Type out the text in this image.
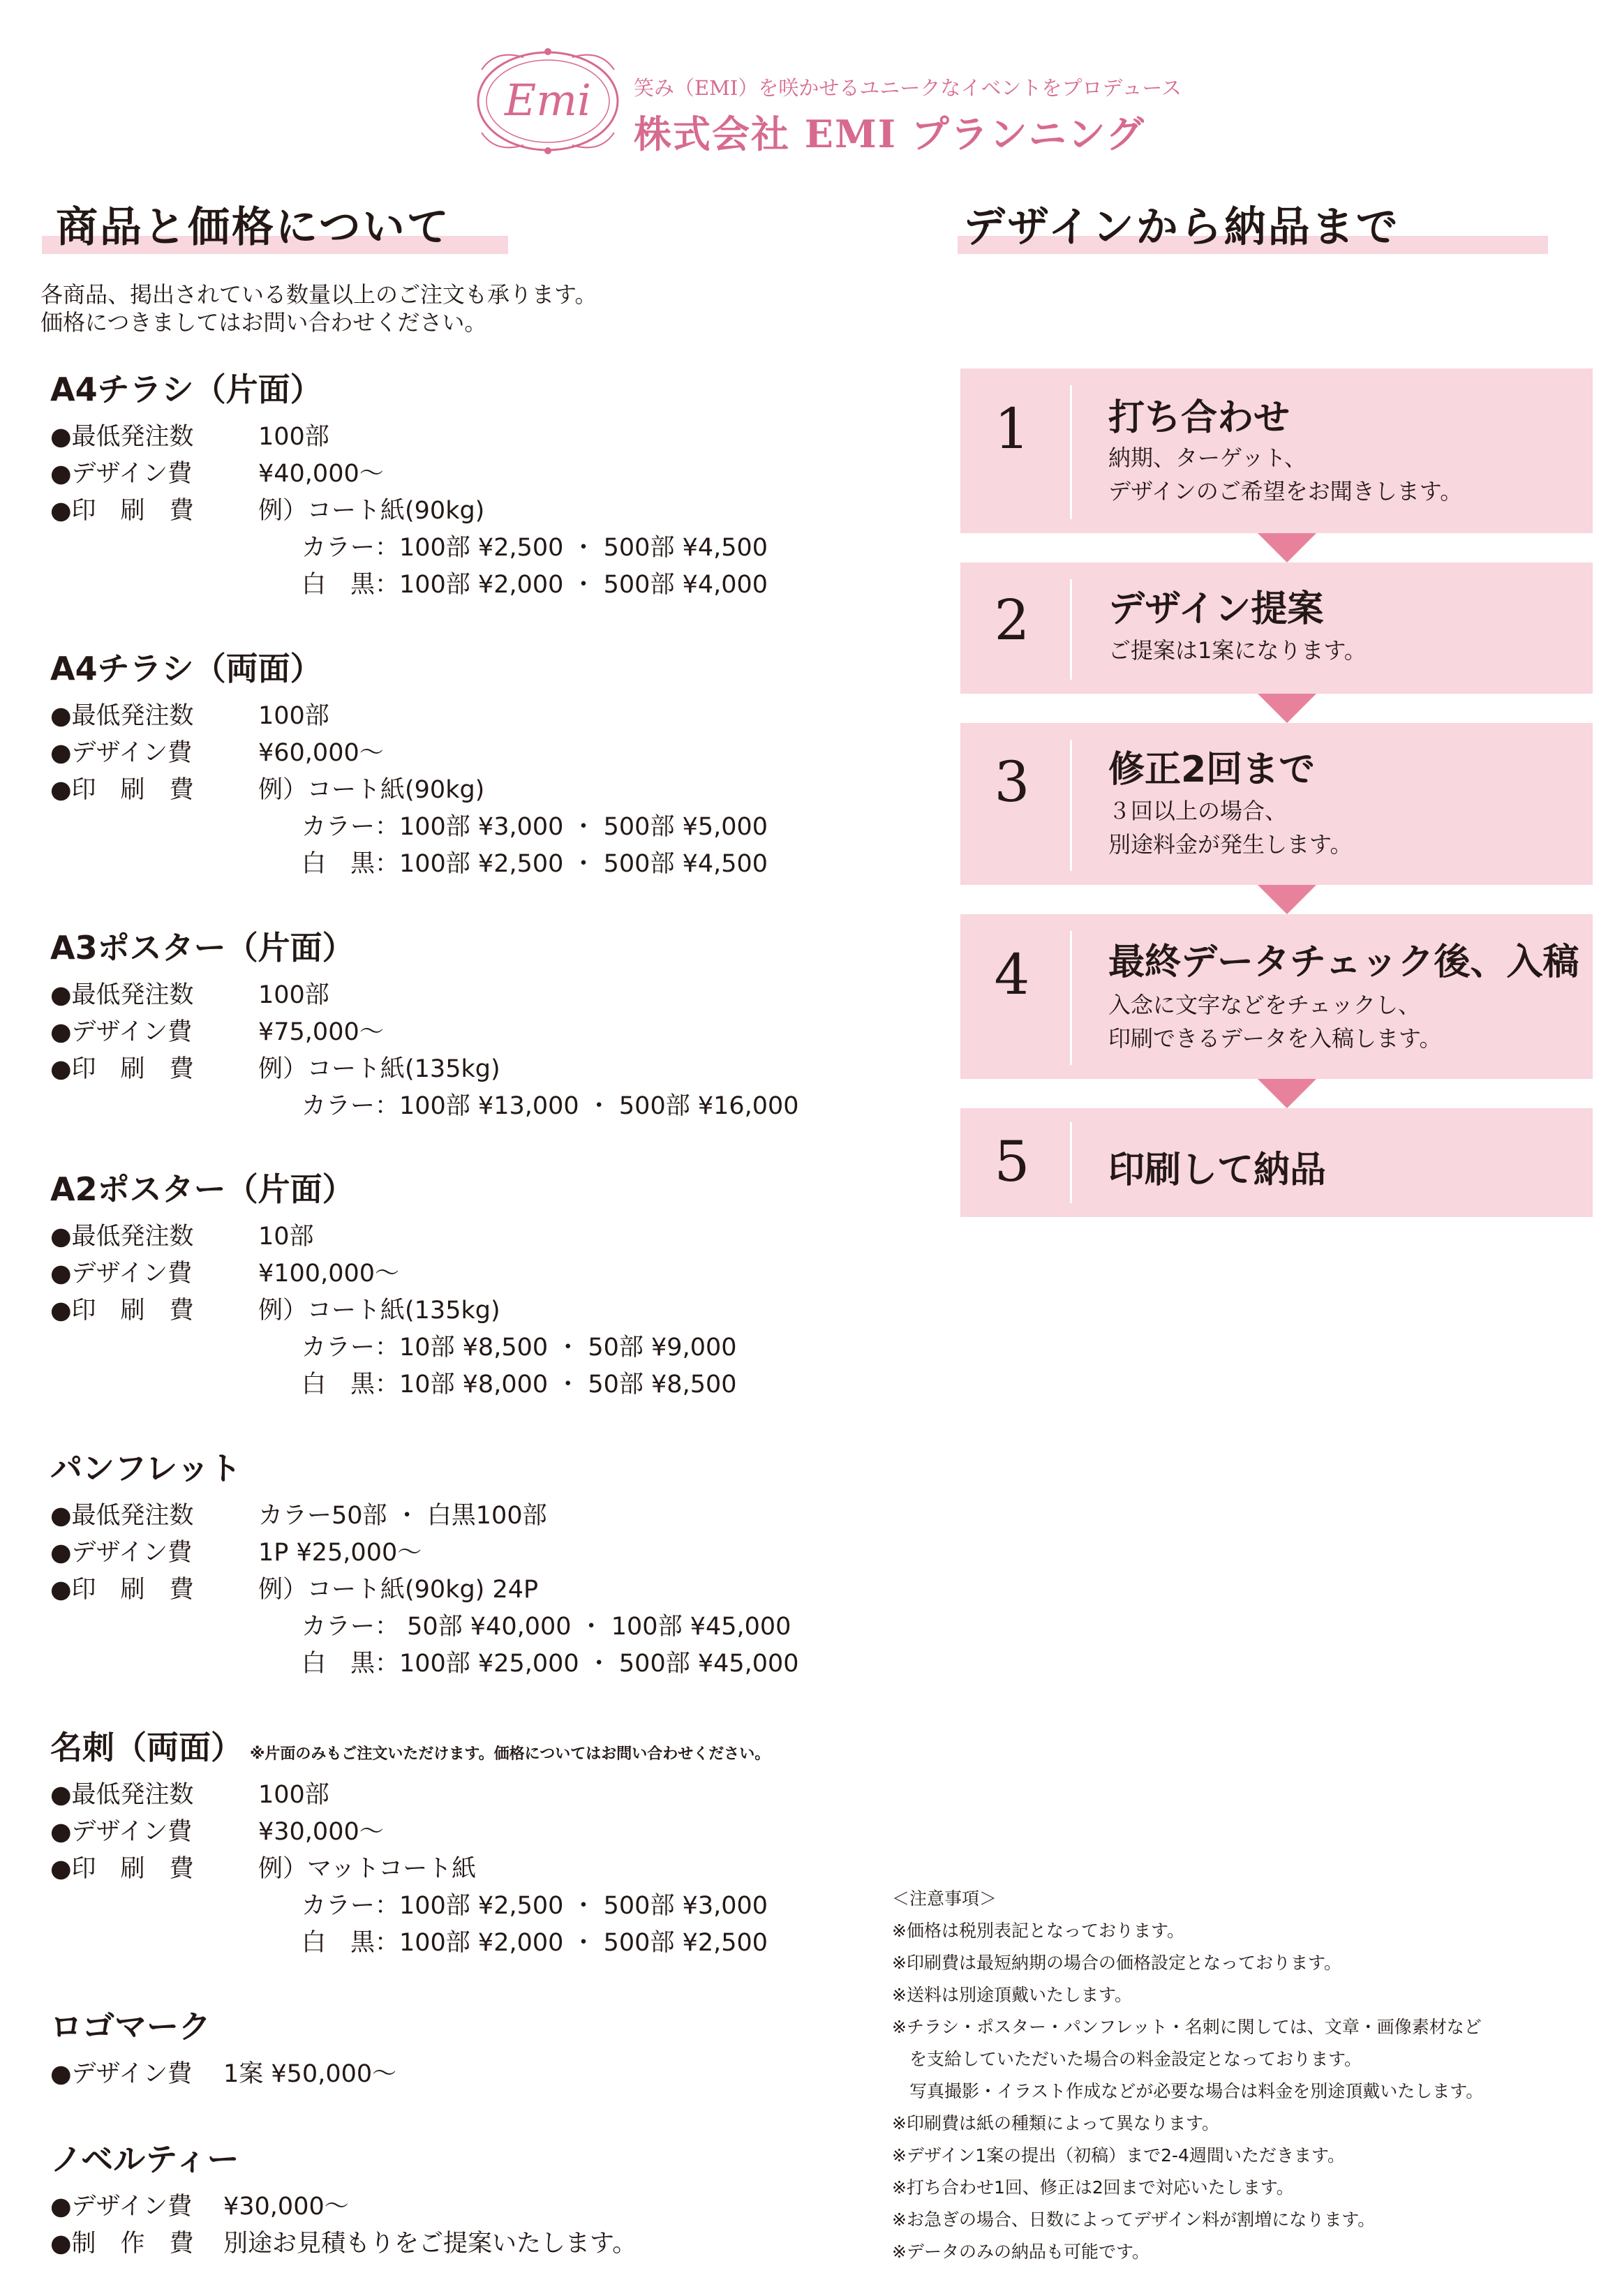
Emi 笑み（EMI）を咲かせるユニークなイベントをプロデュース
株式会社 EMI プランニング
商品と価格について
各商品、掲出されている数量以上のご注文も承ります。
価格につきましてはお問い合わせください。
A4チラシ（片面）
●最低発注数	100部
●デザイン費	¥40,000〜
●印　刷　費	例）コート紙(90kg)
カラー：100部 ¥2,500 ・ 500部 ¥4,500
白　黒：100部 ¥2,000 ・ 500部 ¥4,000
A4チラシ（両面）
●最低発注数	100部
●デザイン費	¥60,000〜
●印　刷　費	例）コート紙(90kg)
カラー：100部 ¥3,000 ・ 500部 ¥5,000
白　黒：100部 ¥2,500 ・ 500部 ¥4,500
A3ポスター（片面）
●最低発注数	100部
●デザイン費	¥75,000〜
●印　刷　費	例）コート紙(135kg)
カラー：100部 ¥13,000 ・ 500部 ¥16,000
A2ポスター（片面）
●最低発注数	10部
●デザイン費	¥100,000〜
●印　刷　費	例）コート紙(135kg)
カラー：10部 ¥8,500 ・ 50部 ¥9,000
白　黒：10部 ¥8,000 ・ 50部 ¥8,500
パンフレット
●最低発注数	カラー50部 ・ 白黒100部
●デザイン費	1P ¥25,000〜
●印　刷　費	例）コート紙(90kg) 24P
カラー： 50部 ¥40,000 ・ 100部 ¥45,000
白　黒：100部 ¥25,000 ・ 500部 ¥45,000
名刺（両面） ※片面のみもご注文いただけます。価格についてはお問い合わせください。
●最低発注数	100部
●デザイン費	¥30,000〜
●印　刷　費	例）マットコート紙
カラー：100部 ¥2,500 ・ 500部 ¥3,000
白　黒：100部 ¥2,000 ・ 500部 ¥2,500
ロゴマーク
●デザイン費 1案 ¥50,000〜
ノベルティー
●デザイン費 ¥30,000〜
●制　作　費 別途お見積もりをご提案いたします。
デザインから納品まで
1	打ち合わせ
納期、ターゲット、
デザインのご希望をお聞きします。
2	デザイン提案
ご提案は1案になります。
3	修正2回まで
３回以上の場合、
別途料金が発生します。
4	最終データチェック後、入稿
入念に文字などをチェックし、
印刷できるデータを入稿します。
5	印刷して納品
＜注意事項＞
※価格は税別表記となっております。
※印刷費は最短納期の場合の価格設定となっております。
※送料は別途頂戴いたします。
※チラシ・ポスター・パンフレット・名刺に関しては、文章・画像素材など
　を支給していただいた場合の料金設定となっております。
　写真撮影・イラスト作成などが必要な場合は料金を別途頂戴いたします。
※印刷費は紙の種類によって異なります。
※デザイン1案の提出（初稿）まで2-4週間いただきます。
※打ち合わせ1回、修正は2回まで対応いたします。
※お急ぎの場合、日数によってデザイン料が割増になります。
※データのみの納品も可能です。
